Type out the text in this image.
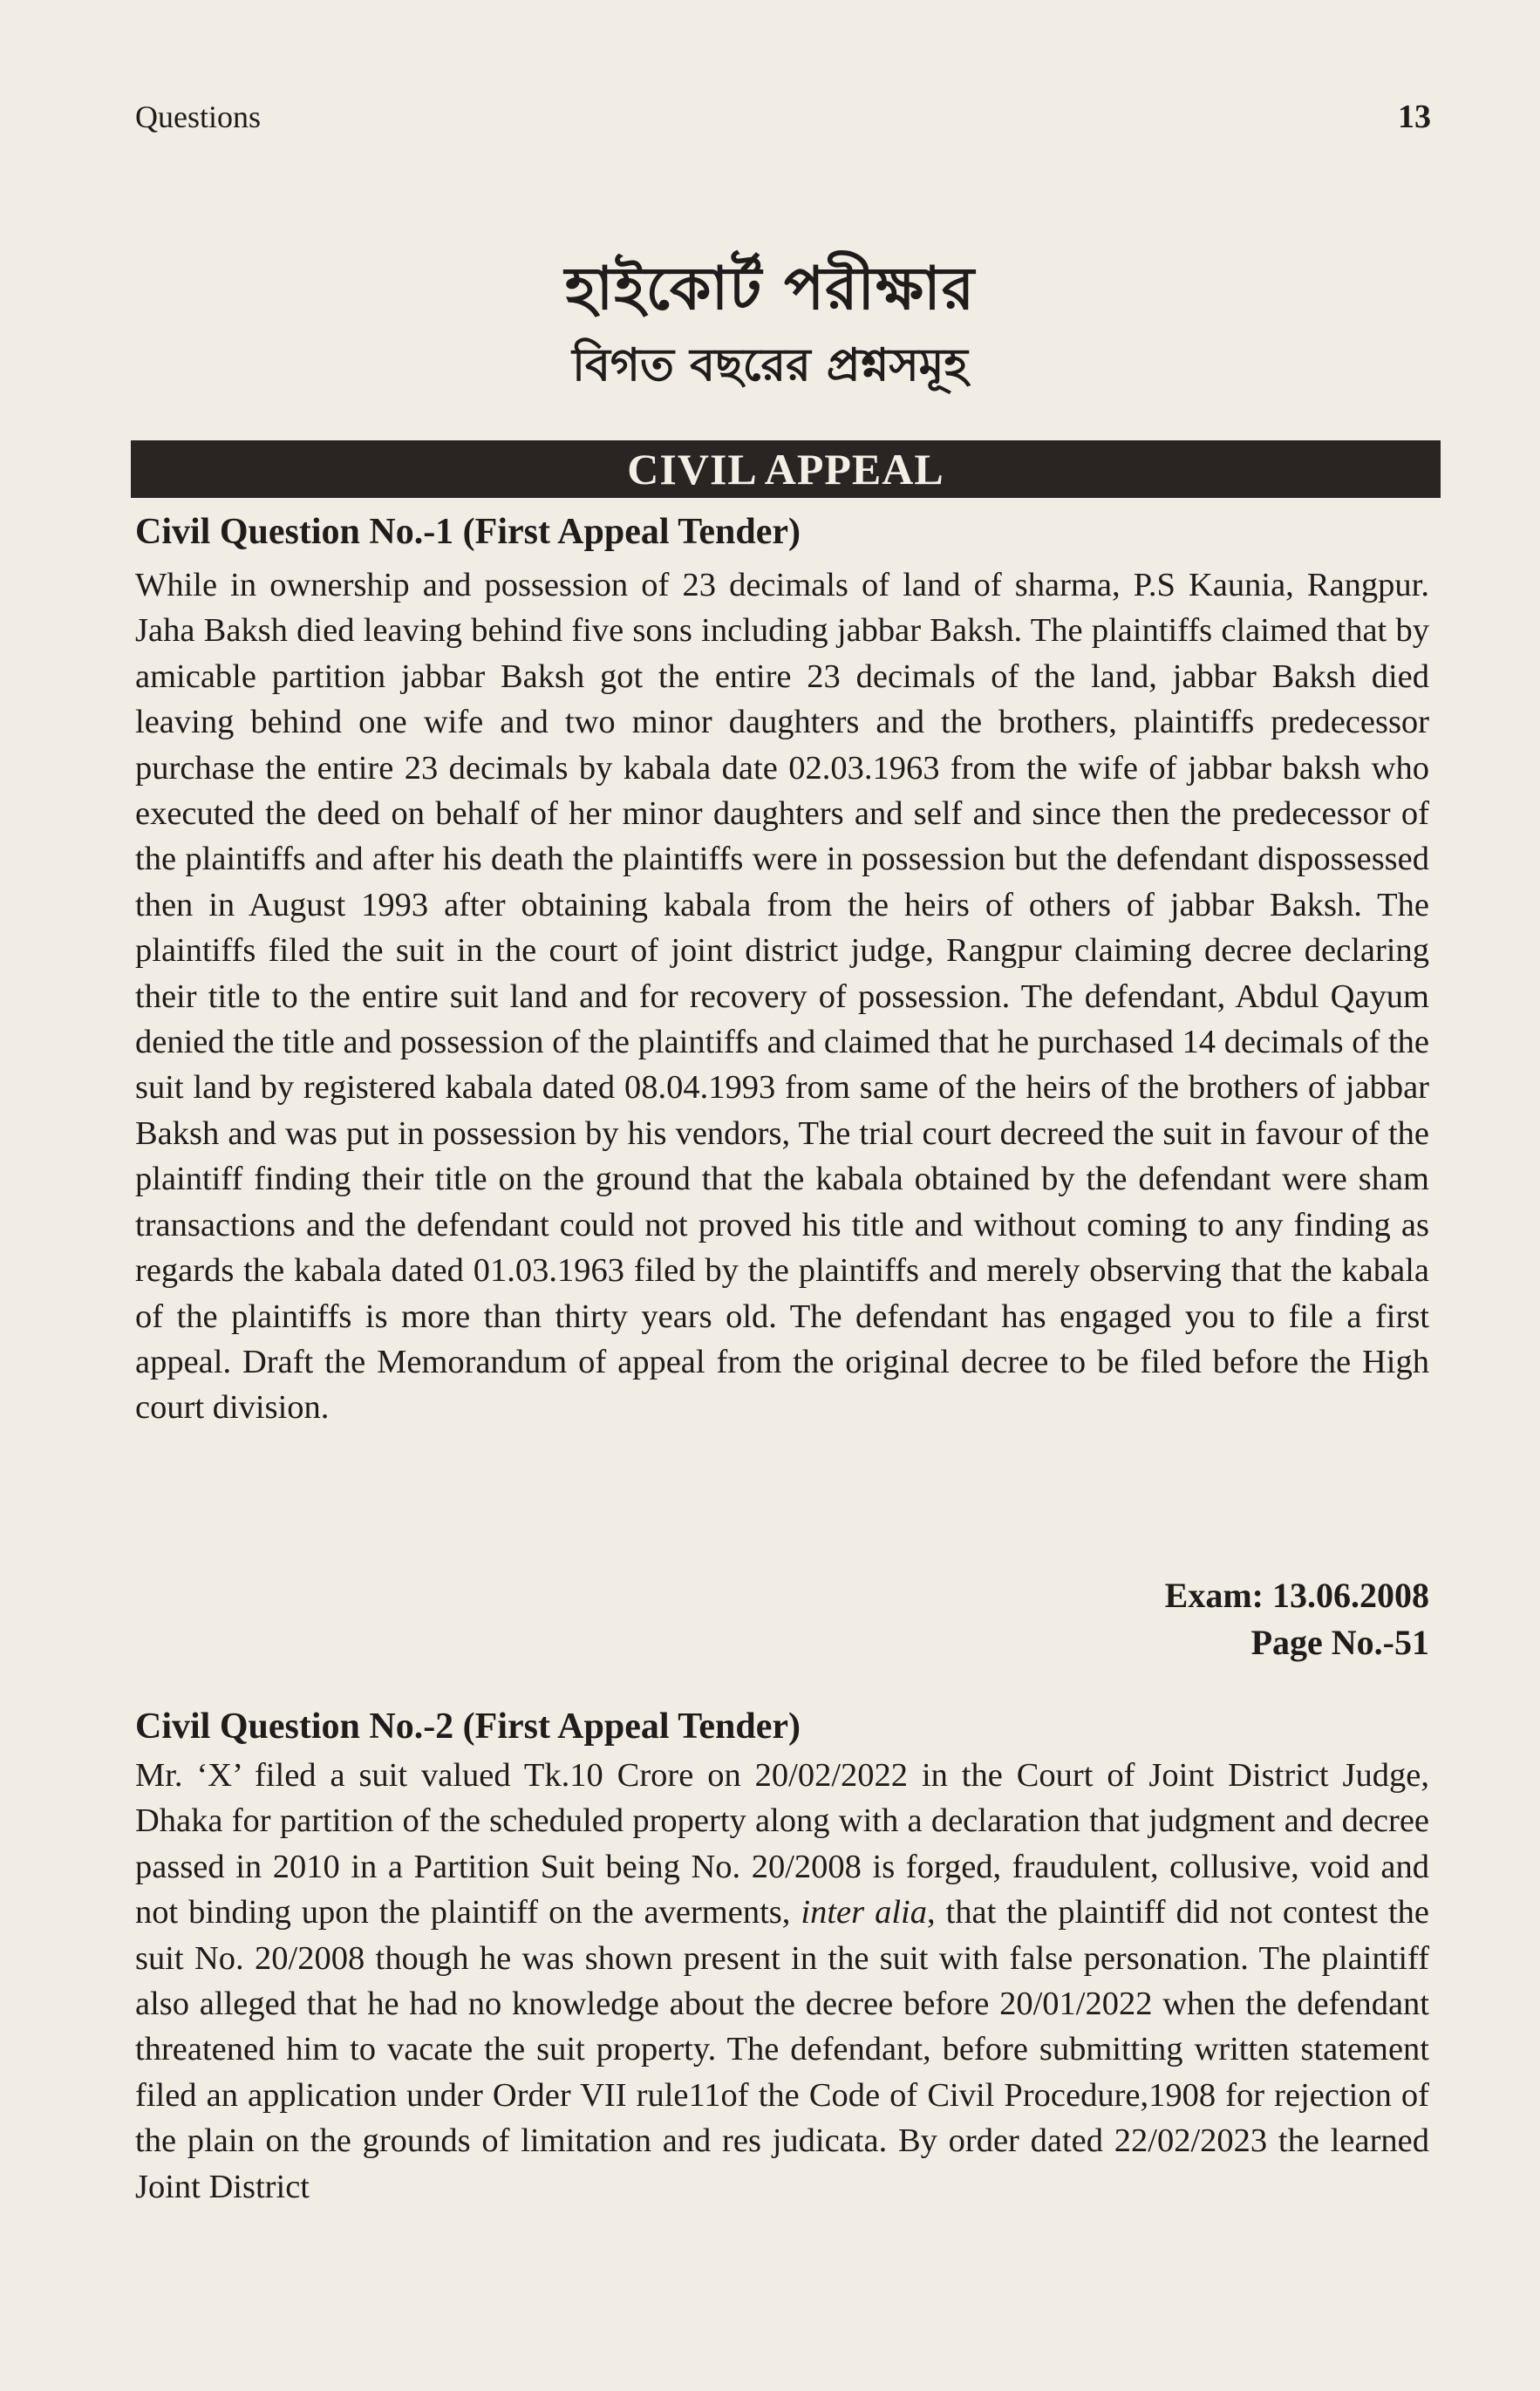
Questions	13
হাইকোর্ট পরীক্ষার
বিগত বছরের প্রশ্নসমূহ
CIVIL APPEAL
Civil Question No.-1 (First Appeal Tender)
While in ownership and possession of 23 decimals of land of sharma, P.S Kaunia, Rangpur. Jaha Baksh died leaving behind five sons including jabbar Baksh. The plaintiffs claimed that by amicable partition jabbar Baksh got the entire 23 decimals of the land, jabbar Baksh died leaving behind one wife and two minor daughters and the brothers, plaintiffs predecessor purchase the entire 23 decimals by kabala date 02.03.1963 from the wife of jabbar baksh who executed the deed on behalf of her minor daughters and self and since then the predecessor of the plaintiffs and after his death the plaintiffs were in possession but the defendant dispossessed then in August 1993 after obtaining kabala from the heirs of others of jabbar Baksh. The plaintiffs filed the suit in the court of joint district judge, Rangpur claiming decree declaring their title to the entire suit land and for recovery of possession. The defendant, Abdul Qayum denied the title and possession of the plaintiffs and claimed that he purchased 14 decimals of the suit land by registered kabala dated 08.04.1993 from same of the heirs of the brothers of jabbar Baksh and was put in possession by his vendors, The trial court decreed the suit in favour of the plaintiff finding their title on the ground that the kabala obtained by the defendant were sham transactions and the defendant could not proved his title and without coming to any finding as regards the kabala dated 01.03.1963 filed by the plaintiffs and merely observing that the kabala of the plaintiffs is more than thirty years old. The defendant has engaged you to file a first appeal. Draft the Memorandum of appeal from the original decree to be filed before the High court division.
Exam: 13.06.2008
Page No.-51
Civil Question No.-2 (First Appeal Tender)
Mr. ‘X’ filed a suit valued Tk.10 Crore on 20/02/2022 in the Court of Joint District Judge, Dhaka for partition of the scheduled property along with a declaration that judgment and decree passed in 2010 in a Partition Suit being No. 20/2008 is forged, fraudulent, collusive, void and not binding upon the plaintiff on the averments, inter alia, that the plaintiff did not contest the suit No. 20/2008 though he was shown present in the suit with false personation. The plaintiff also alleged that he had no knowledge about the decree before 20/01/2022 when the defendant threatened him to vacate the suit property. The defendant, before submitting written statement filed an application under Order VII rule11of the Code of Civil Procedure,1908 for rejection of the plain on the grounds of limitation and res judicata. By order dated 22/02/2023 the learned Joint District
